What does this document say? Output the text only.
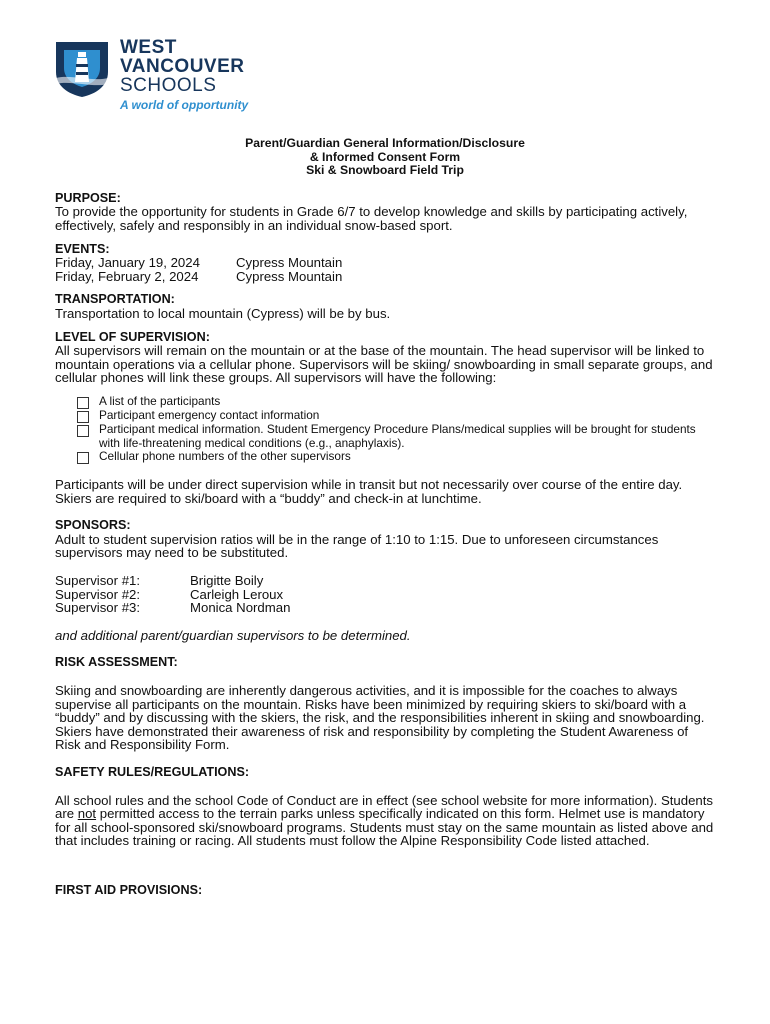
WEST
VANCOUVER
SCHOOLS
A world of opportunity

Parent/Guardian General Information/Disclosure

& Informed Consent Form

Ski & Snowboard Field Trip

PURPOSE:

To provide the opportunity for students in Grade 6/7 to develop knowledge and skills by participating actively, effectively, safely and responsibly in an individual snow-based sport.

EVENTS:

Friday, January 19, 2024	Cypress Mountain
Friday, February 2, 2024	Cypress Mountain

TRANSPORTATION:

Transportation to local mountain (Cypress) will be by bus.

LEVEL OF SUPERVISION:

All supervisors will remain on the mountain or at the base of the mountain. The head supervisor will be linked to mountain operations via a cellular phone. Supervisors will be skiing/ snowboarding in small separate groups, and cellular phones will link these groups. All supervisors will have the following:

A list of the participants
Participant emergency contact information
Participant medical information. Student Emergency Procedure Plans/medical supplies will be brought for students with life-threatening medical conditions (e.g., anaphylaxis).
Cellular phone numbers of the other supervisors

Participants will be under direct supervision while in transit but not necessarily over course of the entire day. Skiers are required to ski/board with a “buddy” and check-in at lunchtime.

SPONSORS:

Adult to student supervision ratios will be in the range of 1:10 to 1:15. Due to unforeseen circumstances supervisors may need to be substituted.

Supervisor #1:	Brigitte Boily
Supervisor #2:	Carleigh Leroux
Supervisor #3:	Monica Nordman

and additional parent/guardian supervisors to be determined.

RISK ASSESSMENT:

Skiing and snowboarding are inherently dangerous activities, and it is impossible for the coaches to always supervise all participants on the mountain. Risks have been minimized by requiring skiers to ski/board with a “buddy” and by discussing with the skiers, the risk, and the responsibilities inherent in skiing and snowboarding. Skiers have demonstrated their awareness of risk and responsibility by completing the Student Awareness of Risk and Responsibility Form.

SAFETY RULES/REGULATIONS:

All school rules and the school Code of Conduct are in effect (see school website for more information). Students are not permitted access to the terrain parks unless specifically indicated on this form. Helmet use is mandatory for all school-sponsored ski/snowboard programs. Students must stay on the same mountain as listed above and that includes training or racing. All students must follow the Alpine Responsibility Code listed attached.

FIRST AID PROVISIONS:
